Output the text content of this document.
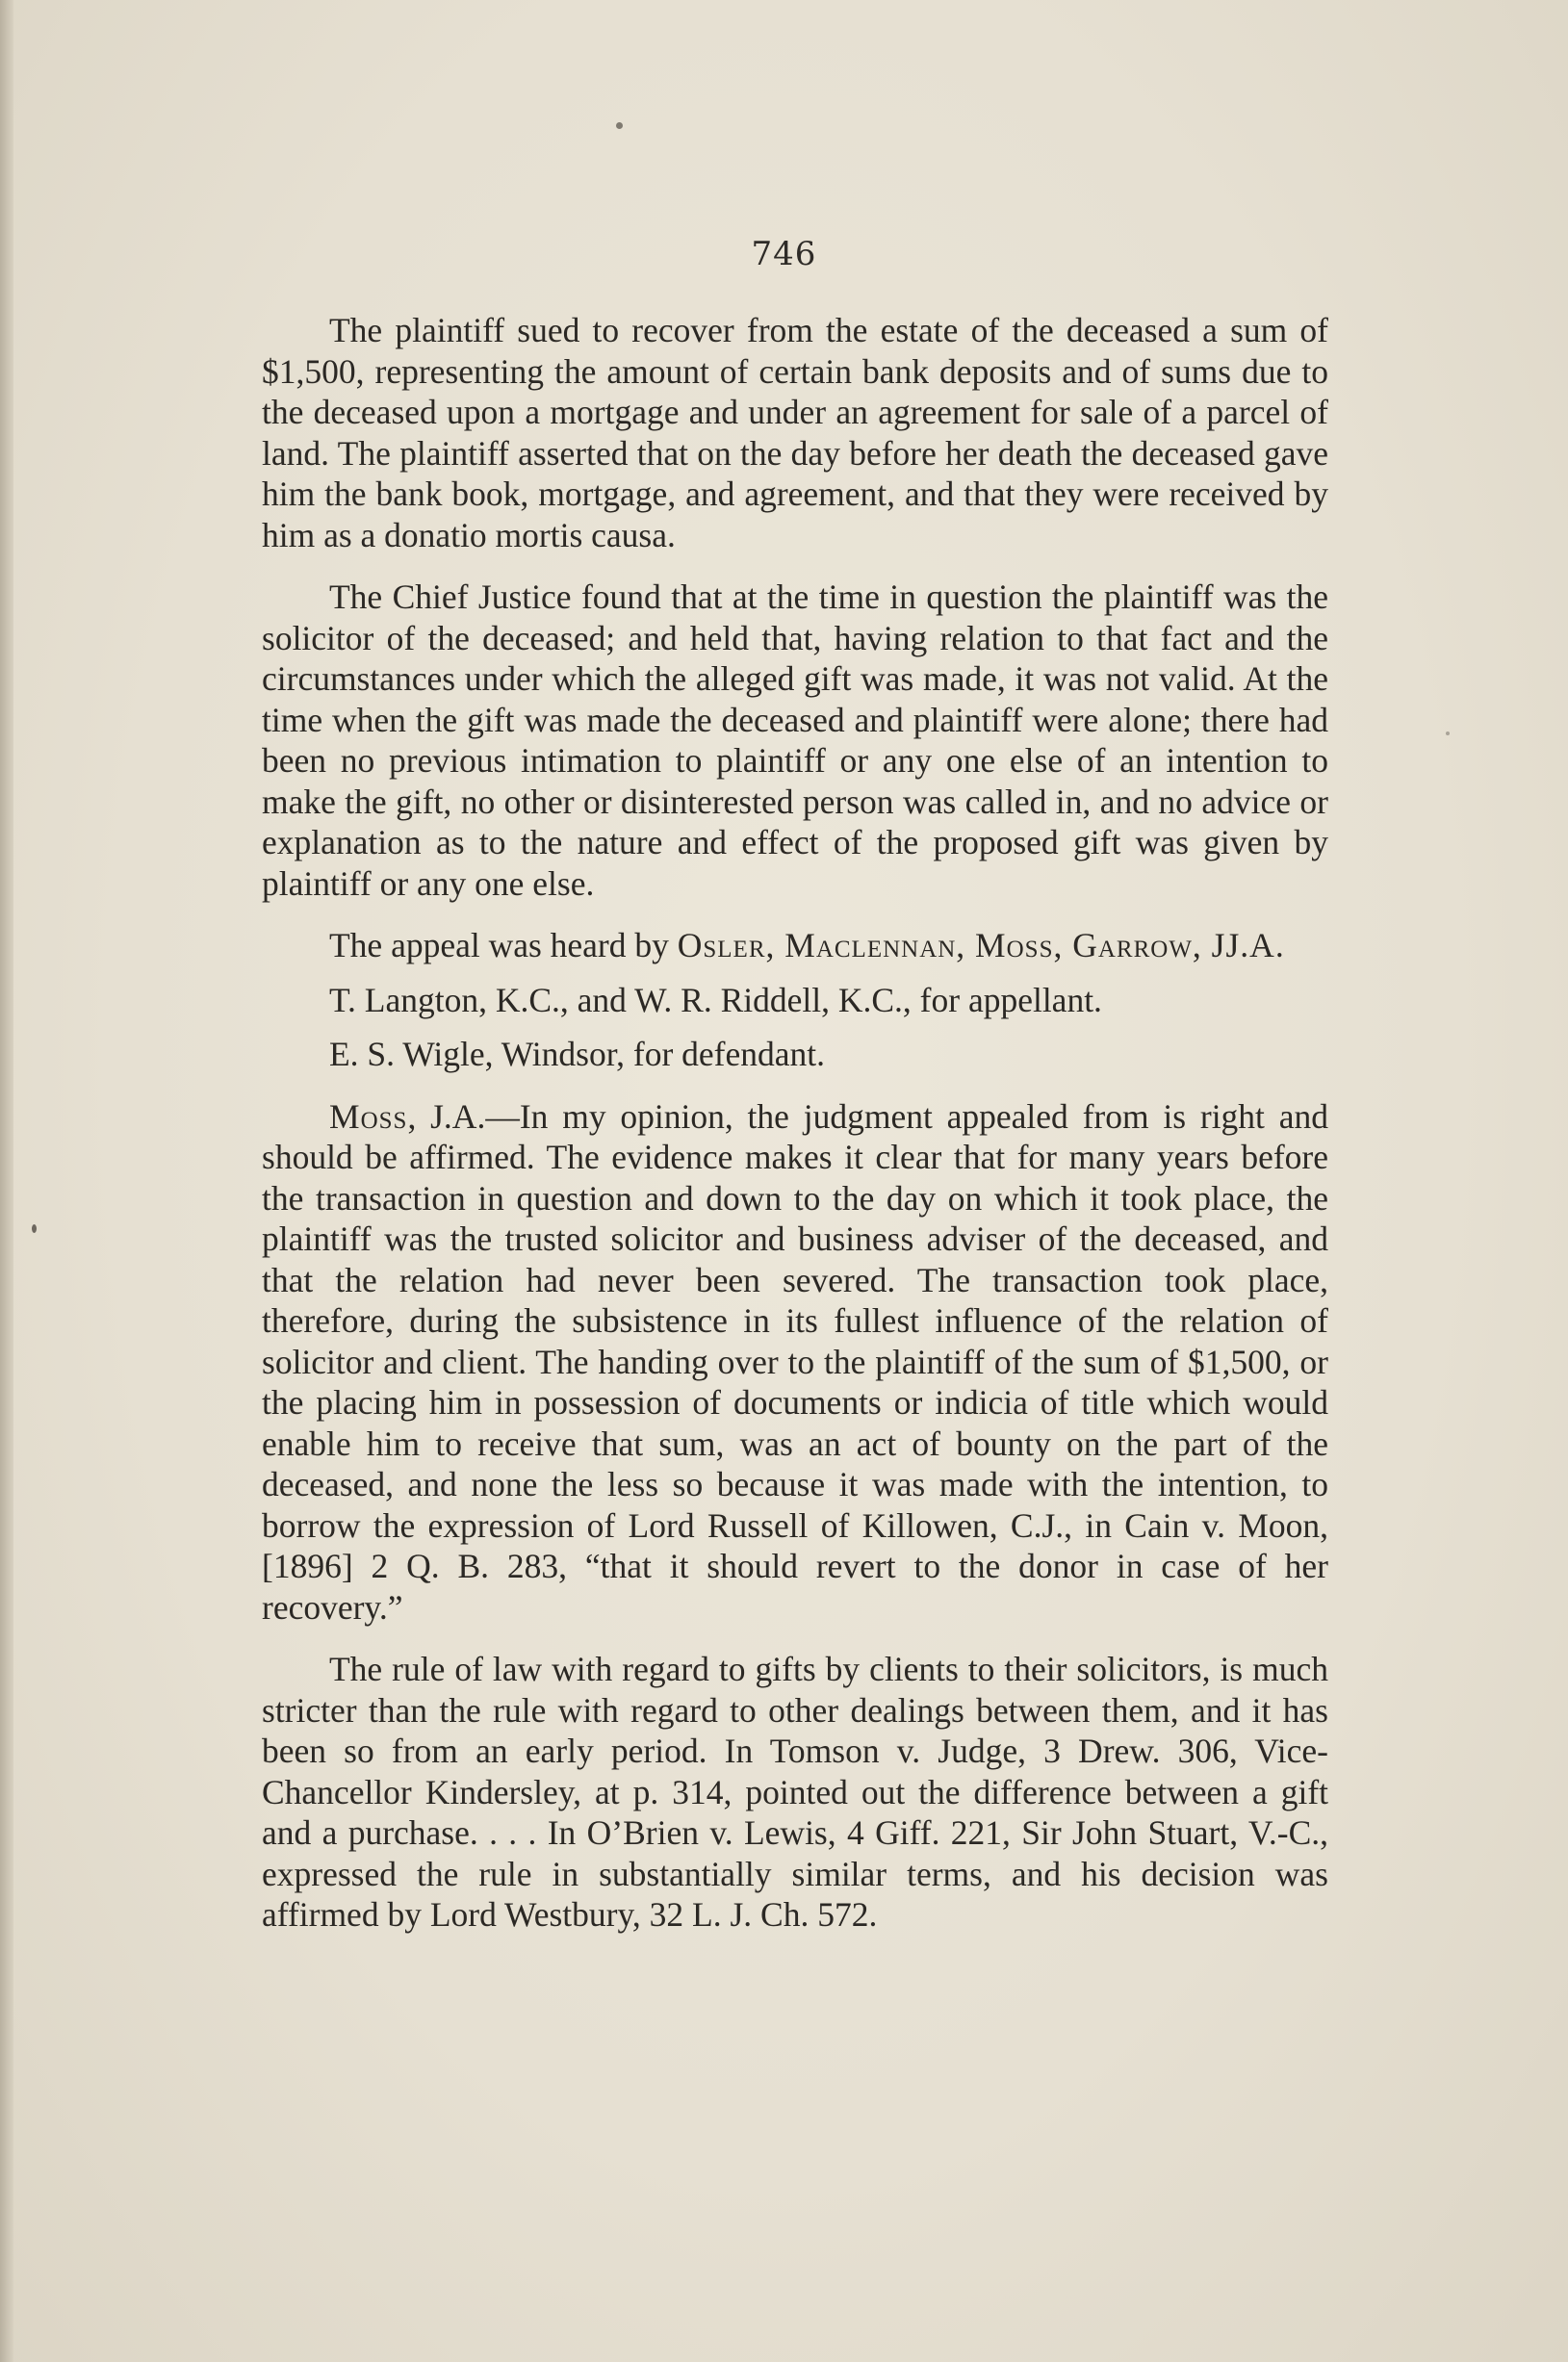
746

The plaintiff sued to recover from the estate of the deceased a sum of $1,500, representing the amount of certain bank deposits and of sums due to the deceased upon a mortgage and under an agreement for sale of a parcel of land. The plaintiff asserted that on the day before her death the deceased gave him the bank book, mortgage, and agreement, and that they were received by him as a donatio mortis causa.

The Chief Justice found that at the time in question the plaintiff was the solicitor of the deceased; and held that, having relation to that fact and the circumstances under which the alleged gift was made, it was not valid. At the time when the gift was made the deceased and plaintiff were alone; there had been no previous intimation to plaintiff or any one else of an intention to make the gift, no other or disinterested person was called in, and no advice or explanation as to the nature and effect of the proposed gift was given by plaintiff or any one else.

The appeal was heard by Osler, Maclennan, Moss, Garrow, JJ.A.

T. Langton, K.C., and W. R. Riddell, K.C., for appellant.

E. S. Wigle, Windsor, for defendant.

Moss, J.A.—In my opinion, the judgment appealed from is right and should be affirmed. The evidence makes it clear that for many years before the transaction in question and down to the day on which it took place, the plaintiff was the trusted solicitor and business adviser of the deceased, and that the relation had never been severed. The transaction took place, therefore, during the subsistence in its fullest influence of the relation of solicitor and client. The handing over to the plaintiff of the sum of $1,500, or the placing him in possession of documents or indicia of title which would enable him to receive that sum, was an act of bounty on the part of the deceased, and none the less so because it was made with the intention, to borrow the expression of Lord Russell of Killowen, C.J., in Cain v. Moon, [1896] 2 Q. B. 283, “that it should revert to the donor in case of her recovery.”

The rule of law with regard to gifts by clients to their solicitors, is much stricter than the rule with regard to other dealings between them, and it has been so from an early period. In Tomson v. Judge, 3 Drew. 306, Vice-Chancellor Kindersley, at p. 314, pointed out the difference between a gift and a purchase. . . . In O’Brien v. Lewis, 4 Giff. 221, Sir John Stuart, V.-C., expressed the rule in substantially similar terms, and his decision was affirmed by Lord Westbury, 32 L. J. Ch. 572.
